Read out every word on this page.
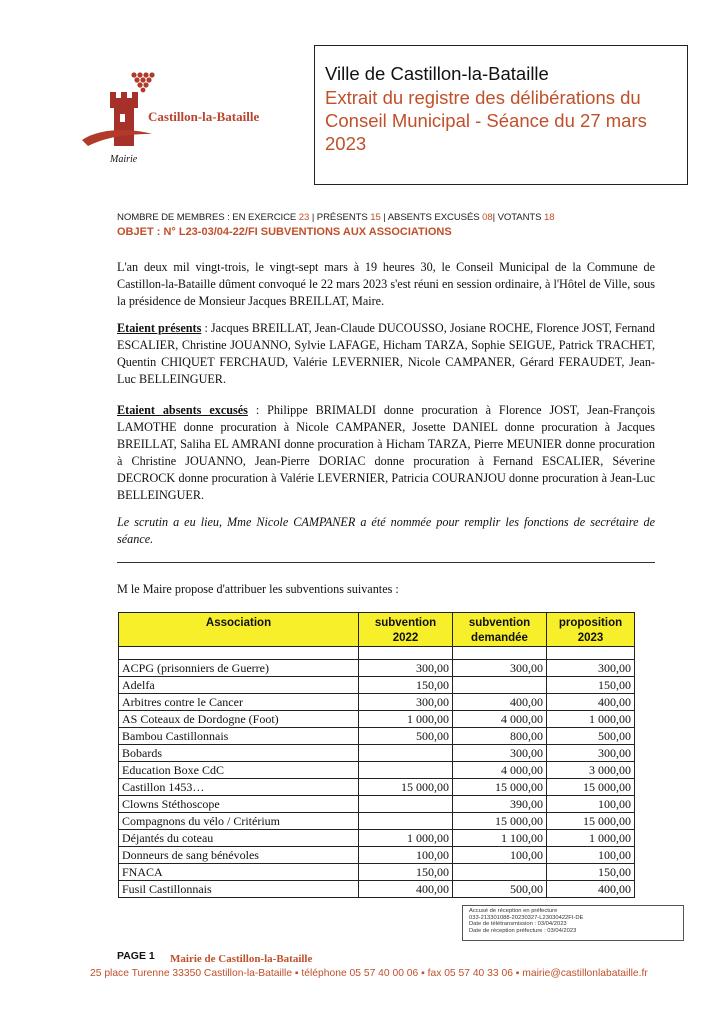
Castillon-la-Bataille
Mairie
Ville de Castillon-la-Bataille
Extrait du registre des délibérations du
Conseil Municipal - Séance du 27 mars
2023
NOMBRE DE MEMBRES : EN EXERCICE 23 | PRÉSENTS 15 | ABSENTS EXCUSÉS 08| VOTANTS 18
OBJET : N° L23-03/04-22/FI SUBVENTIONS AUX ASSOCIATIONS
L'an deux mil vingt-trois, le vingt-sept mars à 19 heures 30, le Conseil Municipal de la Commune de Castillon-la-Bataille dûment convoqué le 22 mars 2023 s'est réuni en session ordinaire, à l'Hôtel de Ville, sous la présidence de Monsieur Jacques BREILLAT, Maire.
Etaient présents : Jacques BREILLAT, Jean-Claude DUCOUSSO, Josiane ROCHE, Florence JOST, Fernand ESCALIER, Christine JOUANNO, Sylvie LAFAGE, Hicham TARZA, Sophie SEIGUE, Patrick TRACHET, Quentin CHIQUET FERCHAUD, Valérie LEVERNIER, Nicole CAMPANER, Gérard FERAUDET, Jean-Luc BELLEINGUER.
Etaient absents excusés : Philippe BRIMALDI donne procuration à Florence JOST, Jean-François LAMOTHE donne procuration à Nicole CAMPANER, Josette DANIEL donne procuration à Jacques BREILLAT, Saliha EL AMRANI donne procuration à Hicham TARZA, Pierre MEUNIER donne procuration à Christine JOUANNO, Jean-Pierre DORIAC donne procuration à Fernand ESCALIER, Séverine DECROCK donne procuration à Valérie LEVERNIER, Patricia COURANJOU donne procuration à Jean-Luc BELLEINGUER.
Le scrutin a eu lieu, Mme Nicole CAMPANER a été nommée pour remplir les fonctions de secrétaire de séance.
M le Maire propose d'attribuer les subventions suivantes :
Association	subvention 2022	subvention demandée	proposition 2023

ACPG (prisonniers de Guerre)	300,00	300,00	300,00
Adelfa	150,00		150,00
Arbitres contre le Cancer	300,00	400,00	400,00
AS Coteaux de Dordogne (Foot)	1 000,00	4 000,00	1 000,00
Bambou Castillonnais	500,00	800,00	500,00
Bobards		300,00	300,00
Education Boxe CdC		4 000,00	3 000,00
Castillon 1453…	15 000,00	15 000,00	15 000,00
Clowns Stéthoscope		390,00	100,00
Compagnons du vélo / Critérium		15 000,00	15 000,00
Déjantés du coteau	1 000,00	1 100,00	1 000,00
Donneurs de sang bénévoles	100,00	100,00	100,00
FNACA	150,00		150,00
Fusil Castillonnais	400,00	500,00	400,00
Accusé de réception en préfecture
033-213301088-20230327-L23030422FI-DE
Date de télétransmission : 03/04/2023
Date de réception préfecture : 03/04/2023
PAGE 1 Mairie de Castillon-la-Bataille
25 place Turenne 33350 Castillon-la-Bataille ▪ téléphone 05 57 40 00 06 ▪ fax 05 57 40 33 06 ▪ mairie@castillonlabataille.fr
